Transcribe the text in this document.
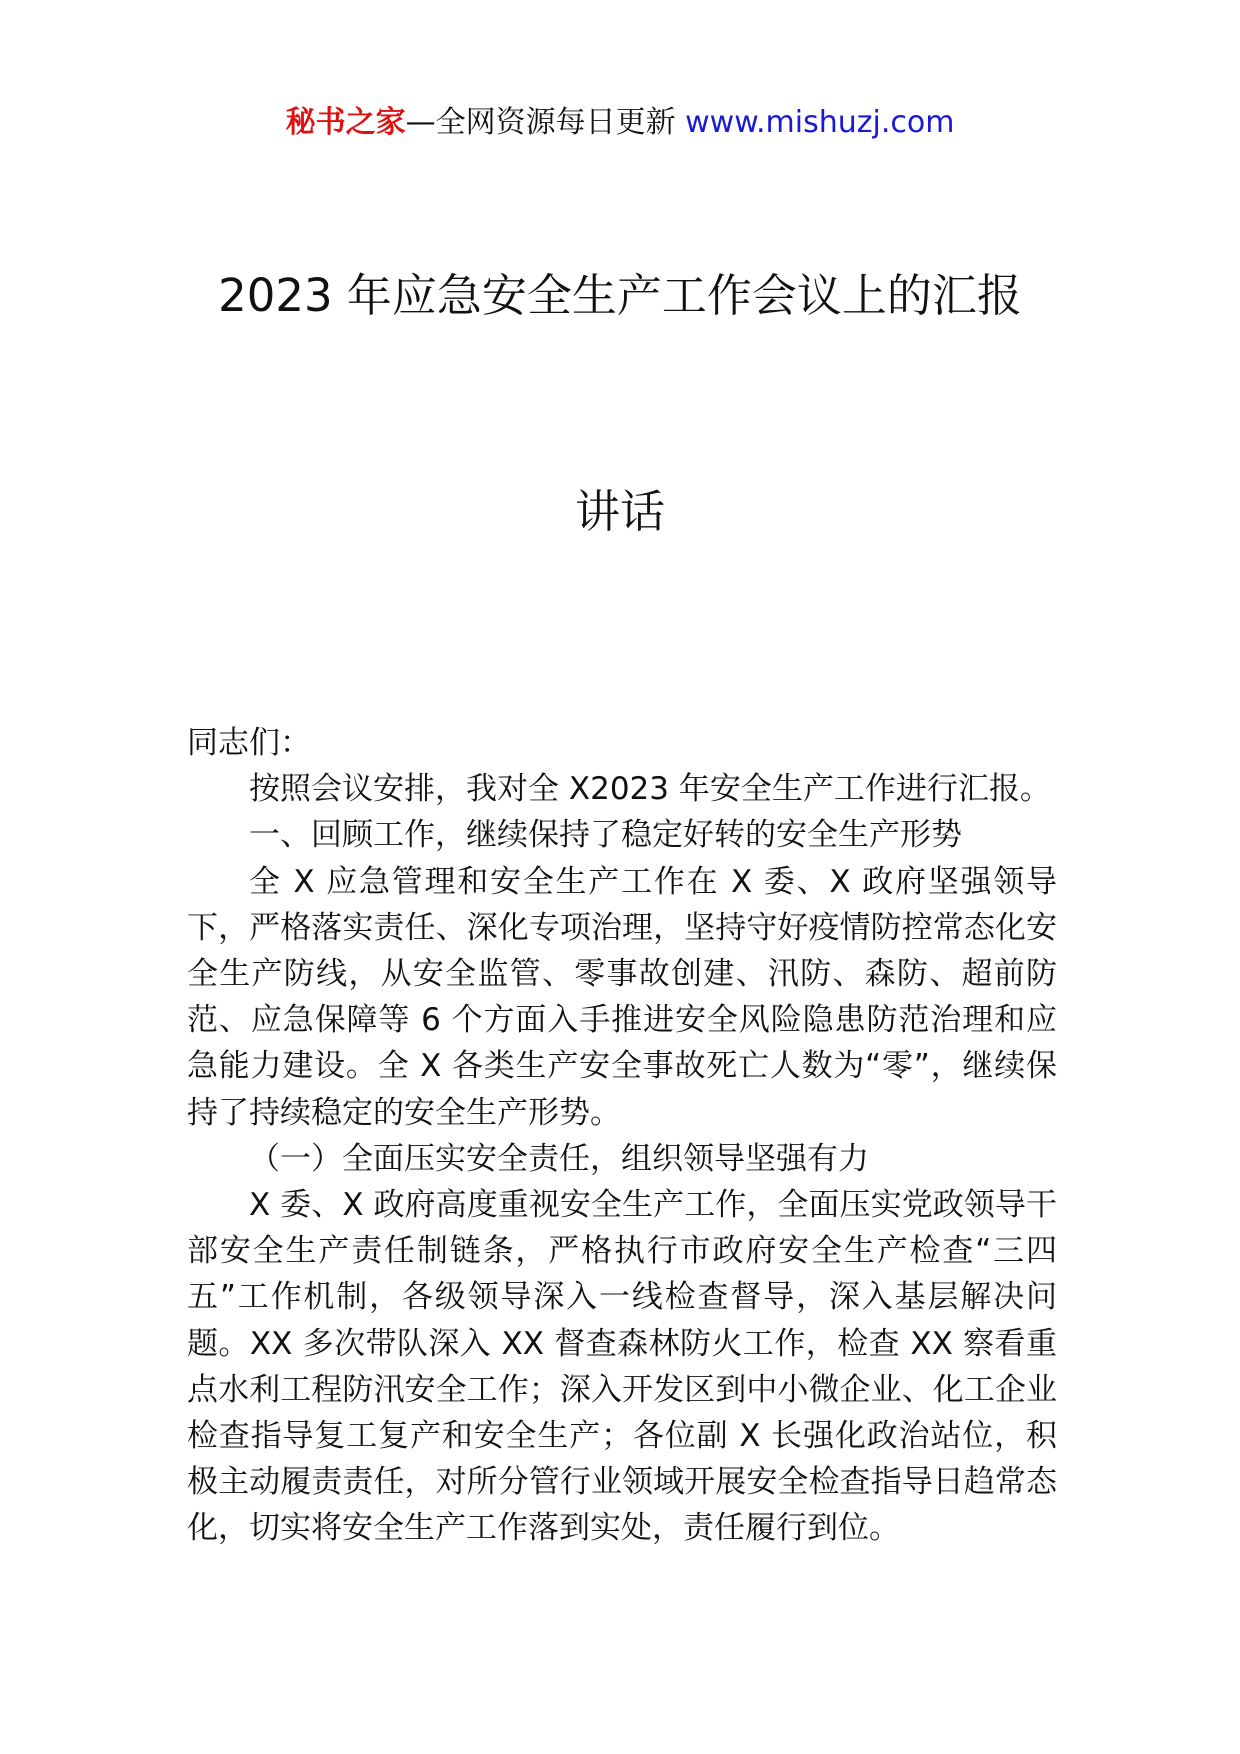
秘书之家—全网资源每日更新 www.mishuzj.com
2023 年应急安全生产工作会议上的汇报
讲话

同志们：

按照会议安排，我对全 X2023 年安全生产工作进行汇报。

一、回顾工作，继续保持了稳定好转的安全生产形势

全 X 应急管理和安全生产工作在 X 委、X 政府坚强领导下，严格落实责任、深化专项治理，坚持守好疫情防控常态化安全生产防线，从安全监管、零事故创建、汛防、森防、超前防范、应急保障等 6 个方面入手推进安全风险隐患防范治理和应急能力建设。全 X 各类生产安全事故死亡人数为“零”，继续保持了持续稳定的安全生产形势。

（一）全面压实安全责任，组织领导坚强有力

X 委、X 政府高度重视安全生产工作，全面压实党政领导干部安全生产责任制链条，严格执行市政府安全生产检查“三四五”工作机制，各级领导深入一线检查督导，深入基层解决问题。XX 多次带队深入 XX 督查森林防火工作，检查 XX 察看重点水利工程防汛安全工作；深入开发区到中小微企业、化工企业检查指导复工复产和安全生产；各位副 X 长强化政治站位，积极主动履责责任，对所分管行业领域开展安全检查指导日趋常态化，切实将安全生产工作落到实处，责任履行到位。
